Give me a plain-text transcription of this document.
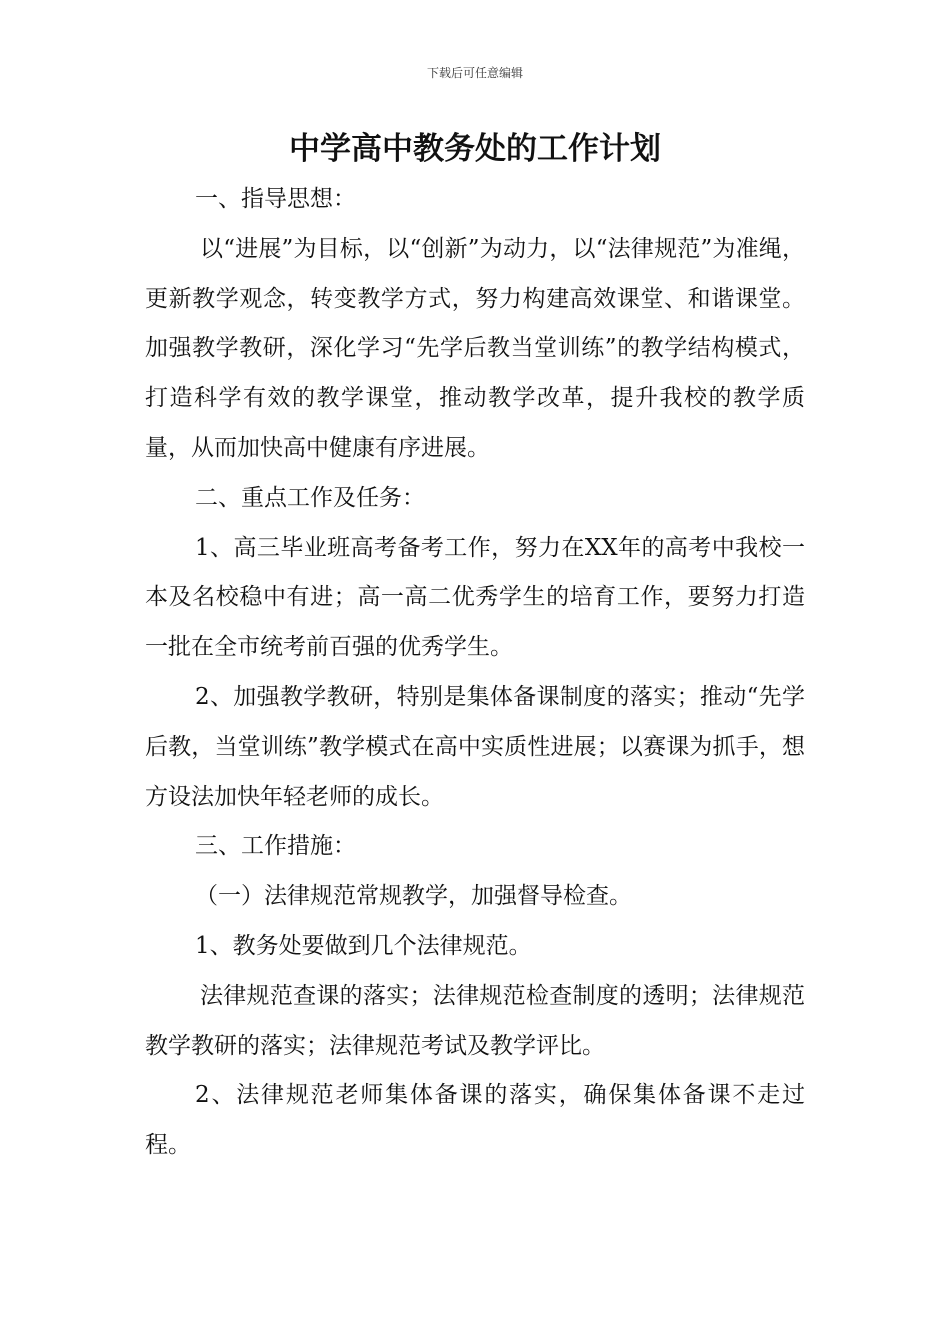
下载后可任意编辑
中学高中教务处的工作计划

一、指导思想：

以“进展”为目标，以“创新”为动力，以“法律规范”为准绳，更新教学观念，转变教学方式，努力构建高效课堂、和谐课堂。加强教学教研，深化学习“先学后教当堂训练”的教学结构模式，打造科学有效的教学课堂，推动教学改革，提升我校的教学质量，从而加快高中健康有序进展。

二、重点工作及任务：

1、高三毕业班高考备考工作，努力在XX年的高考中我校一本及名校稳中有进；高一高二优秀学生的培育工作，要努力打造一批在全市统考前百强的优秀学生。

2、加强教学教研，特别是集体备课制度的落实；推动“先学后教，当堂训练”教学模式在高中实质性进展；以赛课为抓手，想方设法加快年轻老师的成长。

三、工作措施：

（一）法律规范常规教学，加强督导检查。

1、教务处要做到几个法律规范。

法律规范查课的落实；法律规范检查制度的透明；法律规范教学教研的落实；法律规范考试及教学评比。

2、法律规范老师集体备课的落实，确保集体备课不走过程。
